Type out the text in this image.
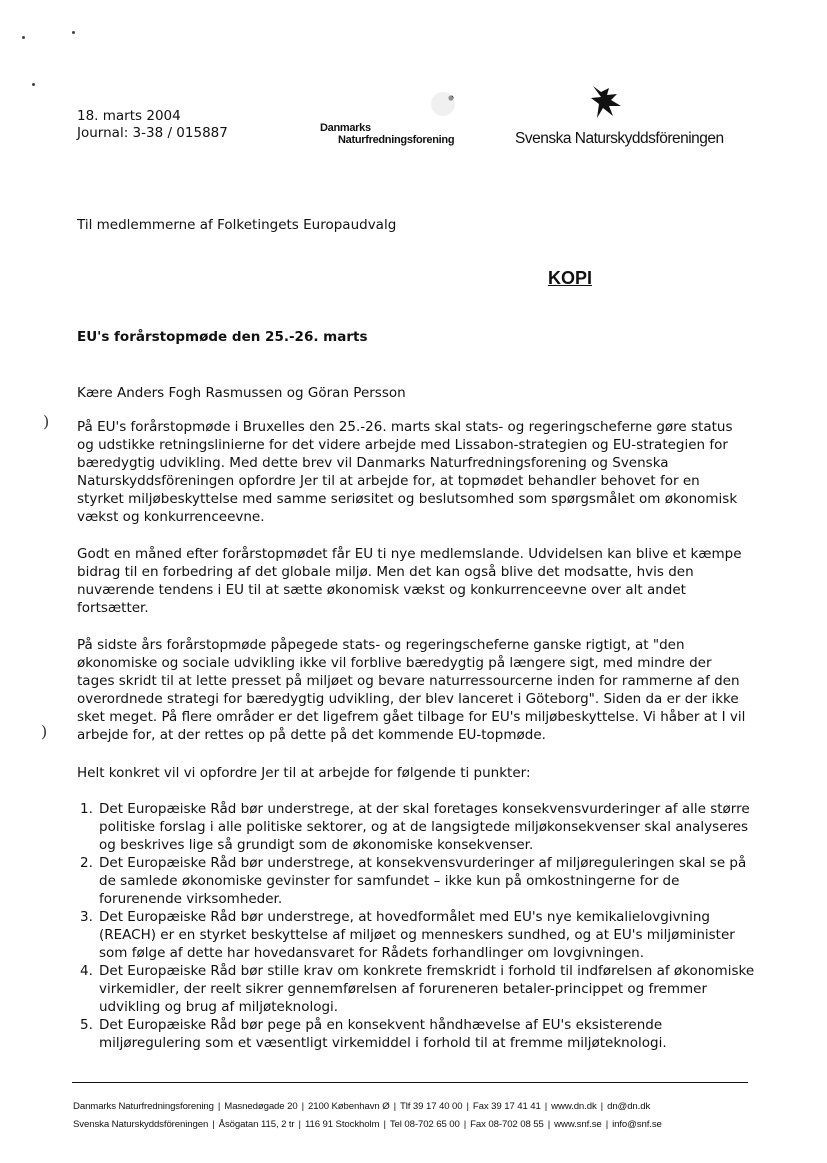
)
)
18. marts 2004
Journal: 3-38 / 015887	Danmarks
Naturfredningsforening	Svenska Naturskyddsföreningen
Til medlemmerne af Folketingets Europaudvalg
KOPI
EU's forårstopmøde den 25.-26. marts
Kære Anders Fogh Rasmussen og Göran Persson

På EU's forårstopmøde i Bruxelles den 25.-26. marts skal stats- og regeringscheferne gøre status og udstikke retningslinierne for det videre arbejde med Lissabon-strategien og EU-strategien for bæredygtig udvikling. Med dette brev vil Danmarks Naturfredningsforening og Svenska Naturskyddsföreningen opfordre Jer til at arbejde for, at topmødet behandler behovet for en styrket miljøbeskyttelse med samme seriøsitet og beslutsomhed som spørgsmålet om økonomisk vækst og konkurrenceevne.

Godt en måned efter forårstopmødet får EU ti nye medlemslande. Udvidelsen kan blive et kæmpe bidrag til en forbedring af det globale miljø. Men det kan også blive det modsatte, hvis den nuværende tendens i EU til at sætte økonomisk vækst og konkurrenceevne over alt andet fortsætter.

På sidste års forårstopmøde påpegede stats- og regeringscheferne ganske rigtigt, at "den økonomiske og sociale udvikling ikke vil forblive bæredygtig på længere sigt, med mindre der tages skridt til at lette presset på miljøet og bevare naturressourcerne inden for rammerne af den overordnede strategi for bæredygtig udvikling, der blev lanceret i Göteborg". Siden da er der ikke sket meget. På flere områder er det ligefrem gået tilbage for EU's miljøbeskyttelse. Vi håber at I vil arbejde for, at der rettes op på dette på det kommende EU-topmøde.

Helt konkret vil vi opfordre Jer til at arbejde for følgende ti punkter:

1. Det Europæiske Råd bør understrege, at der skal foretages konsekvensvurderinger af alle større politiske forslag i alle politiske sektorer, og at de langsigtede miljøkonsekvenser skal analyseres og beskrives lige så grundigt som de økonomiske konsekvenser.
2. Det Europæiske Råd bør understrege, at konsekvensvurderinger af miljøreguleringen skal se på de samlede økonomiske gevinster for samfundet – ikke kun på omkostningerne for de forurenende virksomheder.
3. Det Europæiske Råd bør understrege, at hovedformålet med EU's nye kemikalielovgivning (REACH) er en styrket beskyttelse af miljøet og menneskers sundhed, og at EU's miljøminister som følge af dette har hovedansvaret for Rådets forhandlinger om lovgivningen.
4. Det Europæiske Råd bør stille krav om konkrete fremskridt i forhold til indførelsen af økonomiske virkemidler, der reelt sikrer gennemførelsen af forureneren betaler-princippet og fremmer udvikling og brug af miljøteknologi.
5. Det Europæiske Råd bør pege på en konsekvent håndhævelse af EU's eksisterende miljøregulering som et væsentligt virkemiddel i forhold til at fremme miljøteknologi.
Danmarks Naturfredningsforening | Masnedøgade 20 | 2100 København Ø | Tlf 39 17 40 00 | Fax 39 17 41 41 | www.dn.dk | dn@dn.dk
Svenska Naturskyddsföreningen | Åsögatan 115, 2 tr | 116 91 Stockholm | Tel 08-702 65 00 | Fax 08-702 08 55 | www.snf.se | info@snf.se
